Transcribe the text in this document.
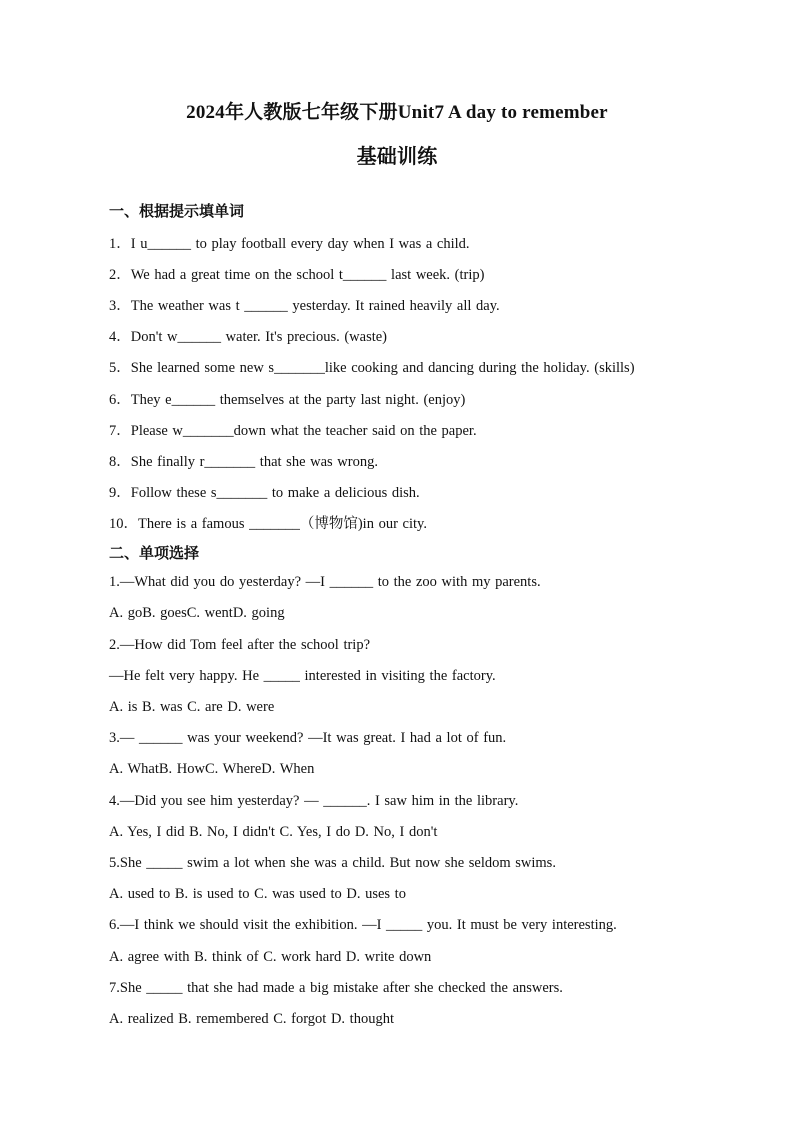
2024年人教版七年级下册Unit7 A day to remember
基础训练
一、根据提示填单词
1．I u______ to play football every day when I was a child.
2．We had a great time on the school t______ last week. (trip)
3．The weather was t ______ yesterday. It rained heavily all day.
4．Don't w______ water. It's precious. (waste)
5．She learned some new s_______like cooking and dancing during the holiday. (skills)
6．They e______ themselves at the party last night. (enjoy)
7．Please w_______down what the teacher said on the paper.
8．She finally r_______ that she was wrong.
9．Follow these s_______ to make a delicious dish.
10．There is a famous _______（博物馆)in our city.
二、单项选择
1.—What did you do yesterday? —I ______ to the zoo with my parents.
A. goB. goesC. wentD. going
2.—How did Tom feel after the school trip?
—He felt very happy. He _____ interested in visiting the factory.
A. is B. was C. are D. were
3.— ______ was your weekend? —It was great. I had a lot of fun.
A. WhatB. HowC. WhereD. When
4.—Did you see him yesterday? — ______. I saw him in the library.
A. Yes, I did B. No, I didn't C. Yes, I do D. No, I don't
5.She _____ swim a lot when she was a child. But now she seldom swims.
A. used to B. is used to C. was used to D. uses to
6.—I think we should visit the exhibition. —I _____ you. It must be very interesting.
A. agree with B. think of C. work hard D. write down
7.She _____ that she had made a big mistake after she checked the answers.
A. realized B. remembered C. forgot D. thought
